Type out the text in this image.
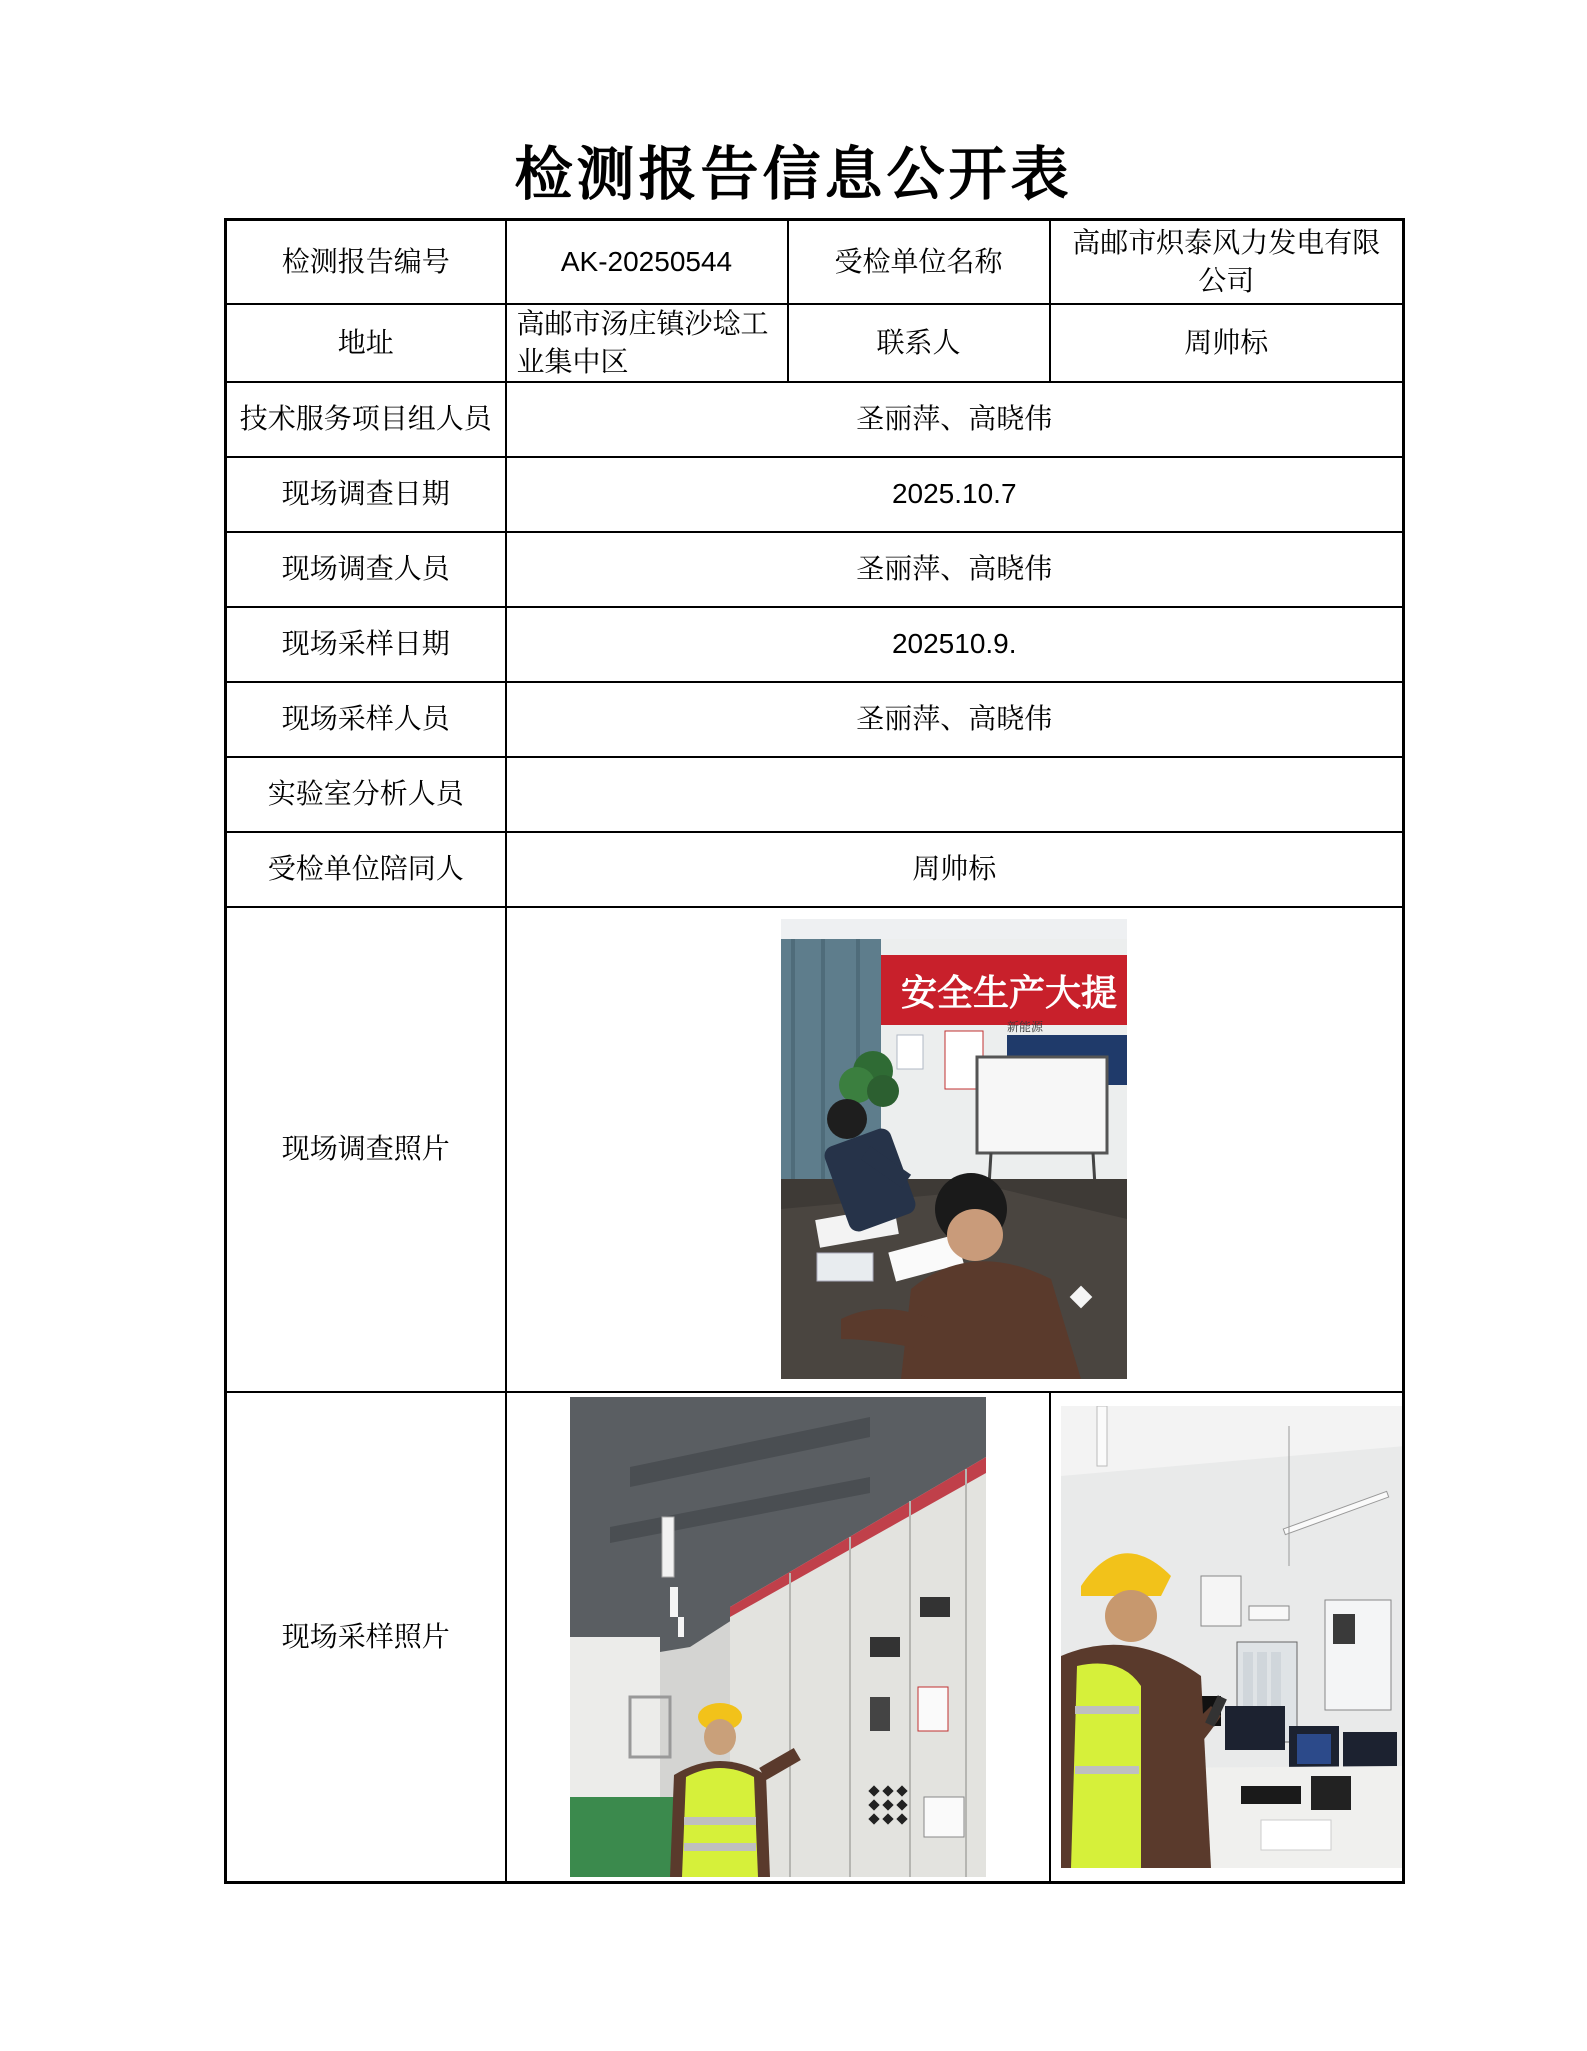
检测报告信息公开表
检测报告编号	AK-20250544	受检单位名称	高邮市炽泰风力发电有限公司
地址	高邮市汤庄镇沙埝工业集中区	联系人	周帅标
技术服务项目组人员	圣丽萍、高晓伟		
现场调查日期	2025.10.7		
现场调查人员	圣丽萍、高晓伟		
现场采样日期	202510.9.		
现场采样人员	圣丽萍、高晓伟		
实验室分析人员			
受检单位陪同人	周帅标		
现场调查照片	安全生产大提
新能源		

现场采样照片	
